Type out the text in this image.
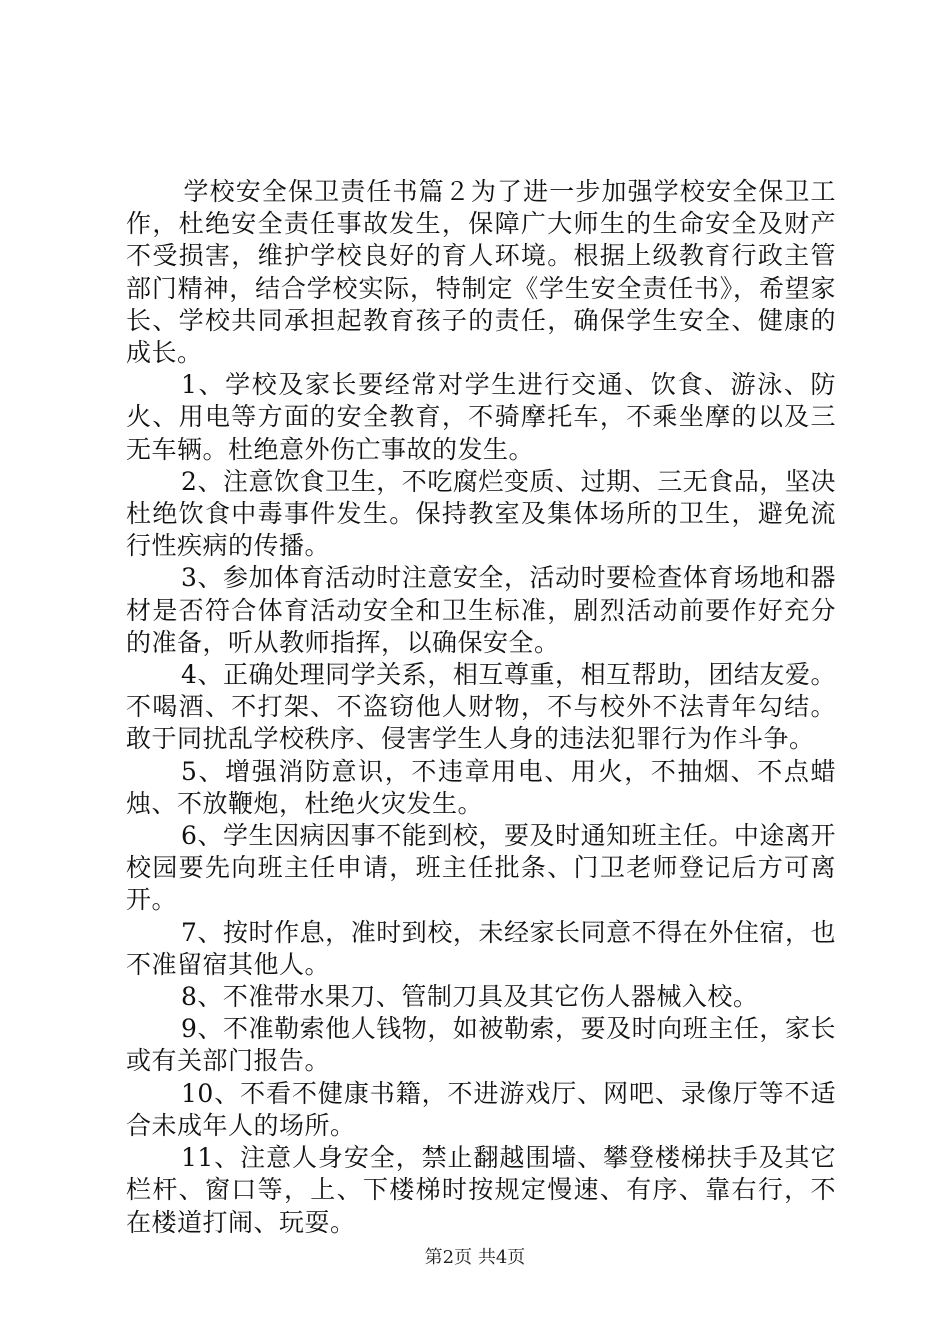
学校安全保卫责任书篇２为了进一步加强学校安全保卫工作，杜绝安全责任事故发生，保障广大师生的生命安全及财产不受损害，维护学校良好的育人环境。根据上级教育行政主管部门精神，结合学校实际，特制定《学生安全责任书》，希望家长、学校共同承担起教育孩子的责任，确保学生安全、健康的成长。

1、学校及家长要经常对学生进行交通、饮食、游泳、防火、用电等方面的安全教育，不骑摩托车，不乘坐摩的以及三无车辆。杜绝意外伤亡事故的发生。

2、注意饮食卫生，不吃腐烂变质、过期、三无食品，坚决杜绝饮食中毒事件发生。保持教室及集体场所的卫生，避免流行性疾病的传播。

3、参加体育活动时注意安全，活动时要检查体育场地和器材是否符合体育活动安全和卫生标准，剧烈活动前要作好充分的准备，听从教师指挥，以确保安全。

4、正确处理同学关系，相互尊重，相互帮助，团结友爱。不喝酒、不打架、不盗窃他人财物，不与校外不法青年勾结。敢于同扰乱学校秩序、侵害学生人身的违法犯罪行为作斗争。

5、增强消防意识，不违章用电、用火，不抽烟、不点蜡烛、不放鞭炮，杜绝火灾发生。

6、学生因病因事不能到校，要及时通知班主任。中途离开校园要先向班主任申请，班主任批条、门卫老师登记后方可离开。

7、按时作息，准时到校，未经家长同意不得在外住宿，也不准留宿其他人。

8、不准带水果刀、管制刀具及其它伤人器械入校。

9、不准勒索他人钱物，如被勒索，要及时向班主任，家长或有关部门报告。

10、不看不健康书籍，不进游戏厅、网吧、录像厅等不适合未成年人的场所。

11、注意人身安全，禁止翻越围墙、攀登楼梯扶手及其它栏杆、窗口等，上、下楼梯时按规定慢速、有序、靠右行，不在楼道打闹、玩耍。

第2页 共4页
